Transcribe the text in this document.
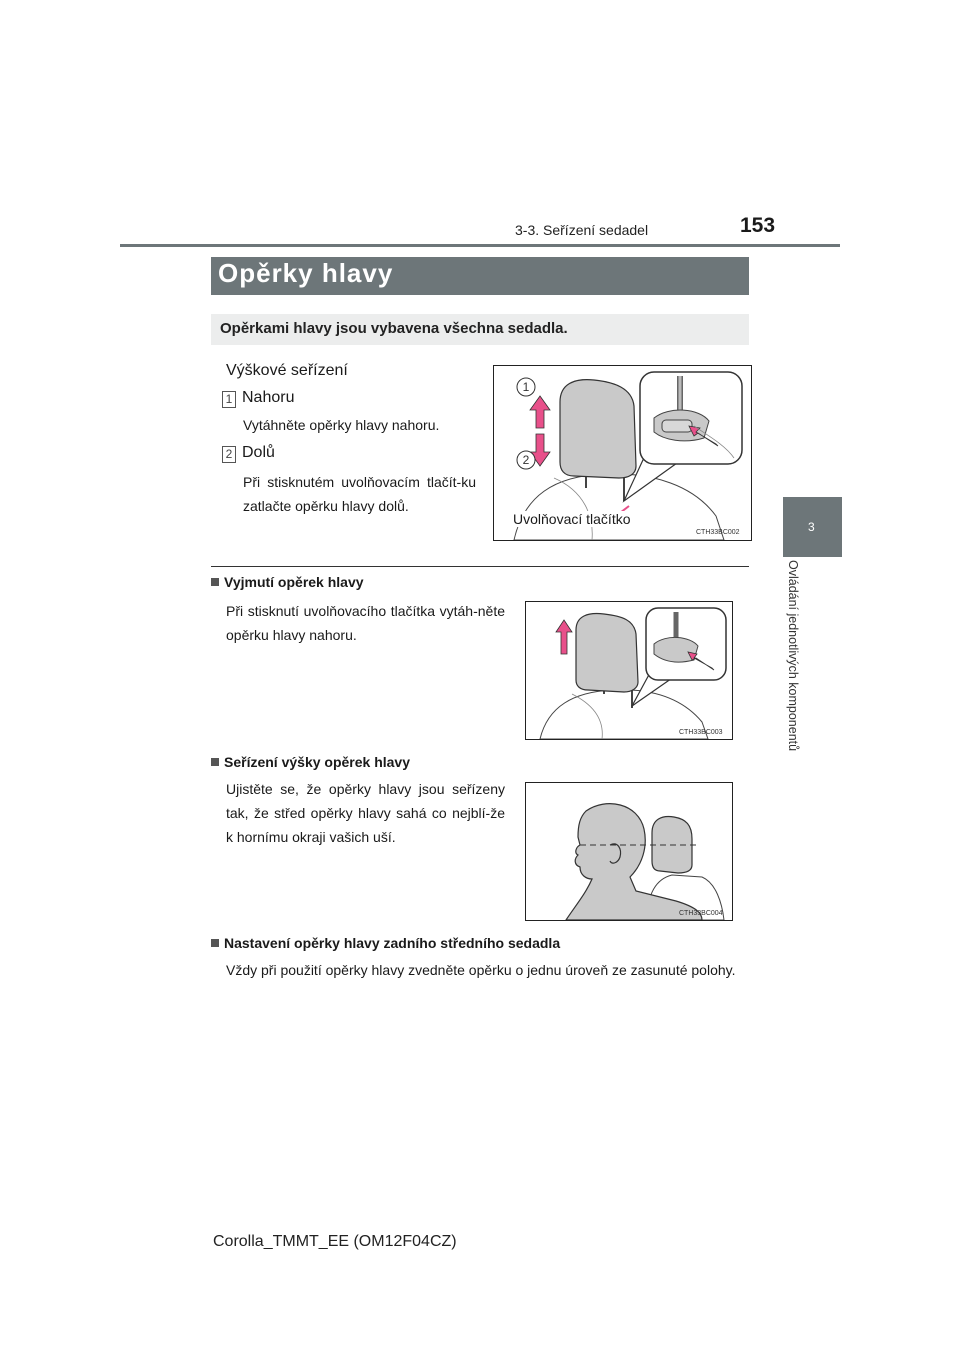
3-3. Seřízení sedadel	153
3
Ovládání jednotlivých komponentů
Opěrky hlavy
Opěrkami hlavy jsou vybavena všechna sedadla.
Výškové seřízení
1 Nahoru
Vytáhněte opěrky hlavy nahoru.
2 Dolů
Při stisknutém uvolňovacím tlačít-ku zatlačte opěrku hlavy dolů.
1
2
Uvolňovací tlačítko
CTH33BC002
Vyjmutí opěrek hlavy
Při stisknutí uvolňovacího tlačítka vytáh-něte opěrku hlavy nahoru.
CTH33BC003
Seřízení výšky opěrek hlavy
Ujistěte se, že opěrky hlavy jsou seřízeny tak, že střed opěrky hlavy sahá co nejblí-že k hornímu okraji vašich uší.
CTH33BC004
Nastavení opěrky hlavy zadního středního sedadla
Vždy při použití opěrky hlavy zvedněte opěrku o jednu úroveň ze zasunuté polohy.
Corolla_TMMT_EE (OM12F04CZ)
